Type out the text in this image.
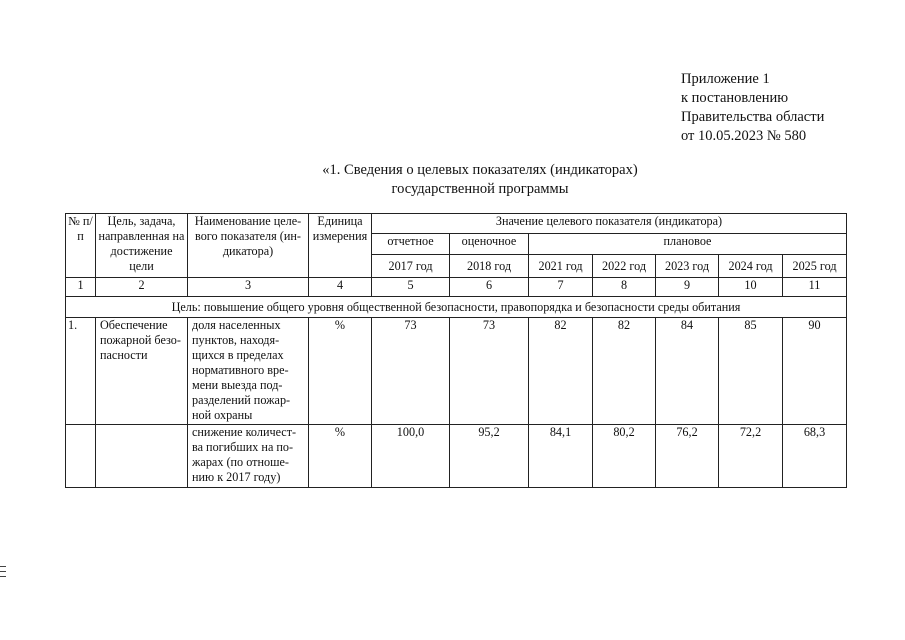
Приложение 1
к постановлению
Правительства области
от 10.05.2023 № 580
«1. Сведения о целевых показателях (индикаторах)
государственной программы
№ п/п	Цель, задача, направленная на достижение цели	Наименование целе-вого показателя (ин-дикатора)	Единица измерения	Значение целевого показателя (индикатора)						
				отчетное	оценочное	плановое				
				2017 год	2018 год	2021 год	2022 год	2023 год	2024 год	2025 год
1	2	3	4	5	6	7	8	9	10	11
Цель: повышение общего уровня общественной безопасности, правопорядка и безопасности среды обитания										
1.	Обеспечение пожарной безо-пасности	доля населенных пунктов, находя-щихся в пределах нормативного вре-мени выезда под-разделений пожар-ной охраны	%	73	73	82	82	84	85	90
		снижение количест-ва погибших на по-жарах (по отноше-нию к 2017 году)	%	100,0	95,2	84,1	80,2	76,2	72,2	68,3
